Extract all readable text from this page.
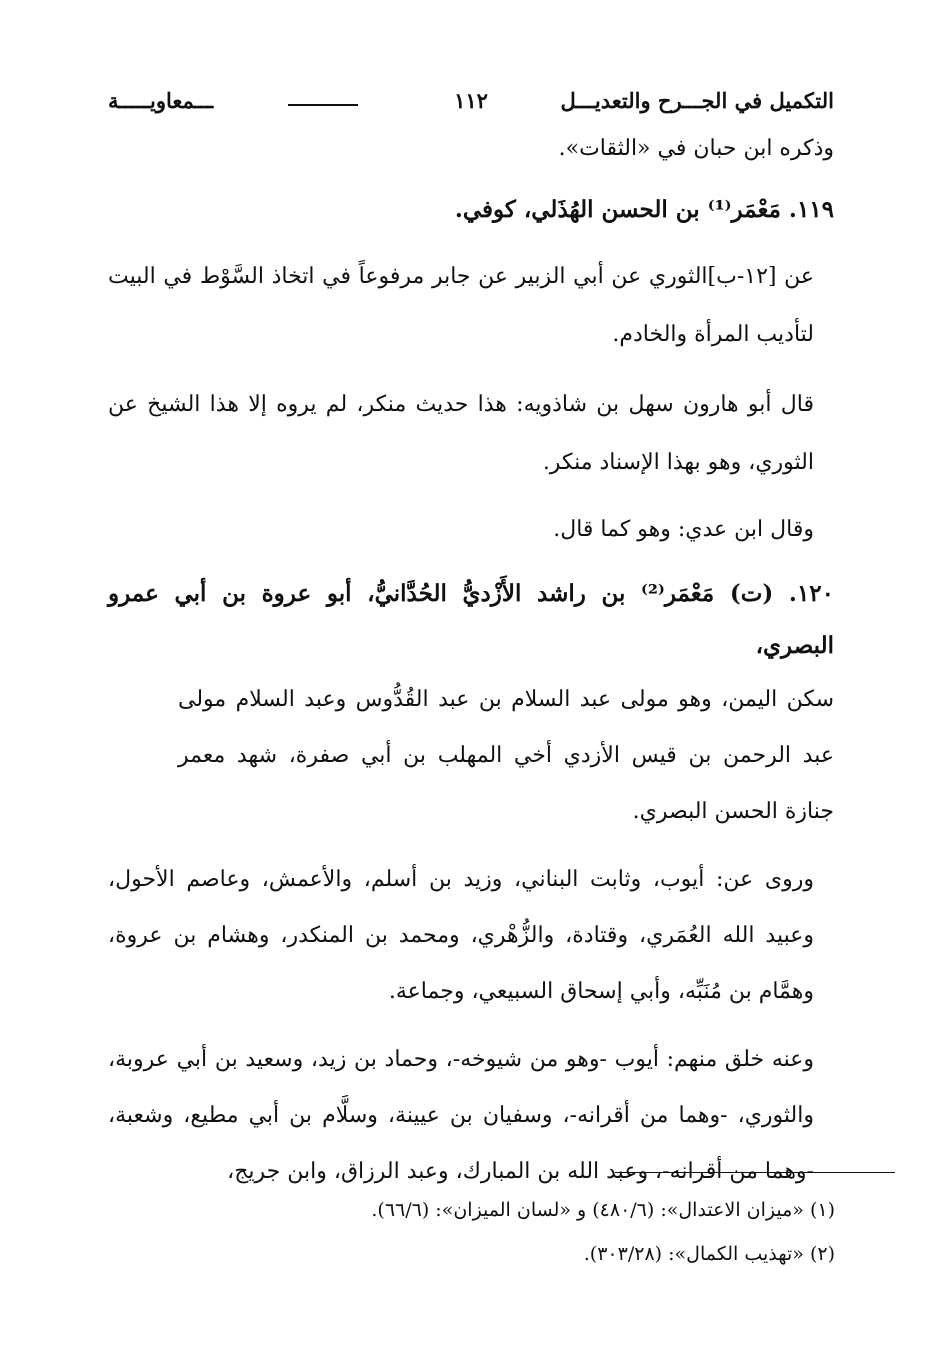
التكميل في الجـــرح والتعديـــل
١١٢
ـــمعاويـــــة

وذكره ابن حبان في «الثقات».

١١٩. مَعْمَر⁽¹⁾ بن الحسن الهُذَلي، كوفي.

عن [١٢-ب]الثوري عن أبي الزبير عن جابر مرفوعاً في اتخاذ السَّوْط في البيت لتأديب المرأة والخادم.

قال أبو هارون سهل بن شاذويه: هذا حديث منكر، لم يروه إلا هذا الشيخ عن الثوري، وهو بهذا الإسناد منكر.

وقال ابن عدي: وهو كما قال.

١٢٠. (ت) مَعْمَر⁽²⁾ بن راشد الأَزْديُّ الحُدَّانيُّ، أبو عروة بن أبي عمرو البصري،

سكن اليمن، وهو مولى عبد السلام بن عبد القُدُّوس وعبد السلام مولى عبد الرحمن بن قيس الأزدي أخي المهلب بن أبي صفرة، شهد معمر جنازة الحسن البصري.

وروى عن: أيوب، وثابت البناني، وزيد بن أسلم، والأعمش، وعاصم الأحول، وعبيد الله العُمَري، وقتادة، والزُّهْري، ومحمد بن المنكدر، وهشام بن عروة، وهمَّام بن مُنَبِّه، وأبي إسحاق السبيعي، وجماعة.

وعنه خلق منهم: أيوب -وهو من شيوخه-، وحماد بن زيد، وسعيد بن أبي عروبة، والثوري، -وهما من أقرانه-، وسفيان بن عيينة، وسلَّام بن أبي مطيع، وشعبة، -وهما من أقرانه-، وعبد الله بن المبارك، وعبد الرزاق، وابن جريج،

(١) «ميزان الاعتدال»: (٤٨٠/٦) و «لسان الميزان»: (٦٦/٦).

(٢) «تهذيب الكمال»: (٣٠٣/٢٨).
